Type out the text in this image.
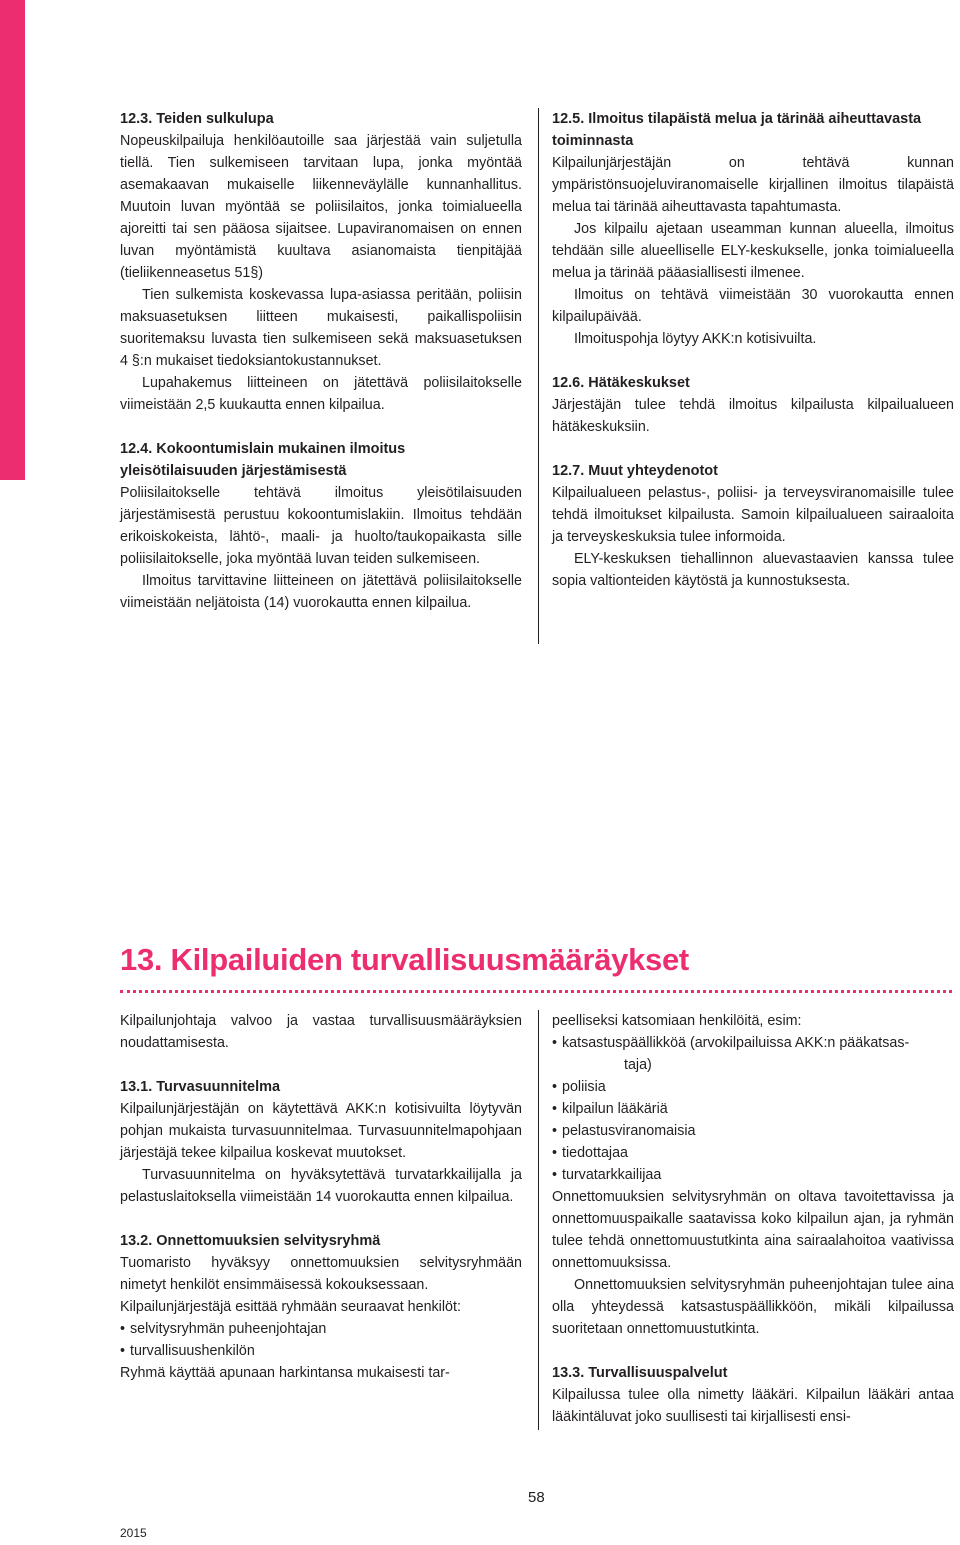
12.3. Teiden sulkulupa

Nopeuskilpailuja henkilöautoille saa järjestää vain suljetulla tiellä. Tien sulkemiseen tarvitaan lupa, jonka myöntää asemakaavan mukaiselle liikenneväylälle kunnanhallitus. Muutoin luvan myöntää se poliisilaitos, jonka toimialueella ajoreitti tai sen pääosa sijaitsee. Lupaviranomaisen on ennen luvan myöntämistä kuultava asianomaista tienpitäjää (tieliikenneasetus 51§)

Tien sulkemista koskevassa lupa-asiassa peritään, poliisin maksuasetuksen liitteen mukaisesti, paikallispoliisin suoritemaksu luvasta tien sulkemiseen sekä maksuasetuksen 4 §:n mukaiset tiedoksiantokustannukset.

Lupahakemus liitteineen on jätettävä poliisilaitokselle viimeistään 2,5 kuukautta ennen kilpailua.

12.4. Kokoontumislain mukainen ilmoitus yleisötilaisuuden järjestämisestä

Poliisilaitokselle tehtävä ilmoitus yleisötilaisuuden järjestämisestä perustuu kokoontumislakiin. Ilmoitus tehdään erikoiskokeista, lähtö-, maali- ja huolto/taukopaikasta sille poliisilaitokselle, joka myöntää luvan teiden sulkemiseen.

Ilmoitus tarvittavine liitteineen on jätettävä poliisilaitokselle viimeistään neljätoista (14) vuorokautta ennen kilpailua.

12.5. Ilmoitus tilapäistä melua ja tärinää aiheuttavasta toiminnasta

Kilpailunjärjestäjän on tehtävä kunnan ympäristönsuojeluviranomaiselle kirjallinen ilmoitus tilapäistä melua tai tärinää aiheuttavasta tapahtumasta.

Jos kilpailu ajetaan useamman kunnan alueella, ilmoitus tehdään sille alueelliselle ELY-keskukselle, jonka toimialueella melua ja tärinää pääasiallisesti ilmenee.

Ilmoitus on tehtävä viimeistään 30 vuorokautta ennen kilpailupäivää.

Ilmoituspohja löytyy AKK:n kotisivuilta.

12.6. Hätäkeskukset

Järjestäjän tulee tehdä ilmoitus kilpailusta kilpailualueen hätäkeskuksiin.

12.7. Muut yhteydenotot

Kilpailualueen pelastus-, poliisi- ja terveysviranomaisille tulee tehdä ilmoitukset kilpailusta. Samoin kilpailualueen sairaaloita ja terveyskeskuksia tulee informoida.

ELY-keskuksen tiehallinnon aluevastaavien kanssa tulee sopia valtionteiden käytöstä ja kunnostuksesta.

13. Kilpailuiden turvallisuusmääräykset

Kilpailunjohtaja valvoo ja vastaa turvallisuusmääräyksien noudattamisesta.

13.1. Turvasuunnitelma

Kilpailunjärjestäjän on käytettävä AKK:n kotisivuilta löytyvän pohjan mukaista turvasuunnitelmaa. Turvasuunnitelmapohjaan järjestäjä tekee kilpailua koskevat muutokset.

Turvasuunnitelma on hyväksytettävä turvatarkkailijalla ja pelastuslaitoksella viimeistään 14 vuorokautta ennen kilpailua.

13.2. Onnettomuuksien selvitysryhmä

Tuomaristo hyväksyy onnettomuuksien selvitysryhmään nimetyt henkilöt ensimmäisessä kokouksessaan.

Kilpailunjärjestäjä esittää ryhmään seuraavat henkilöt:

• selvitysryhmän puheenjohtajan
• turvallisuushenkilön

Ryhmä käyttää apunaan harkintansa mukaisesti tar-

peelliseksi katsomiaan henkilöitä, esim:

• katsastuspäällikköä (arvokilpailuissa AKK:n pääkatsas-
taja)
• poliisia
• kilpailun lääkäriä
• pelastusviranomaisia
• tiedottajaa
• turvatarkkailijaa

Onnettomuuksien selvitysryhmän on oltava tavoitettavissa ja onnettomuuspaikalle saatavissa koko kilpailun ajan, ja ryhmän tulee tehdä onnettomuustutkinta aina sairaalahoitoa vaativissa onnettomuuksissa.

Onnettomuuksien selvitysryhmän puheenjohtajan tulee aina olla yhteydessä katsastuspäällikköön, mikäli kilpailussa suoritetaan onnettomuustutkinta.

13.3. Turvallisuuspalvelut

Kilpailussa tulee olla nimetty lääkäri. Kilpailun lääkäri antaa lääkintäluvat joko suullisesti tai kirjallisesti ensi-

58
2015
